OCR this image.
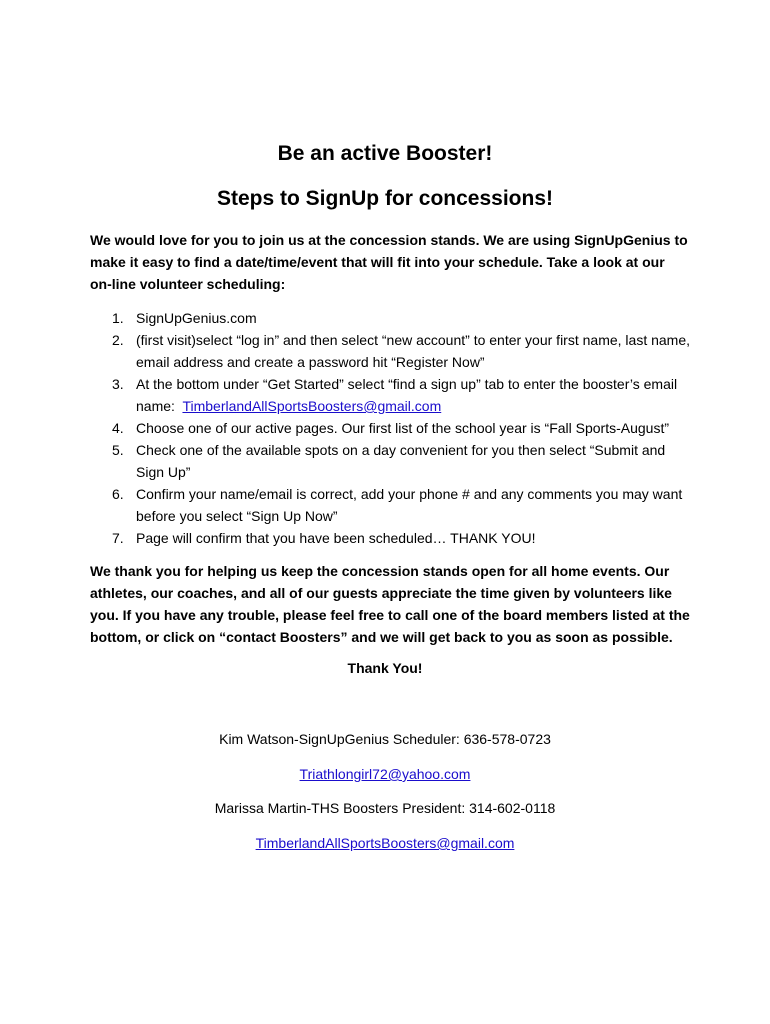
Be an active Booster!
Steps to SignUp for concessions!

We would love for you to join us at the concession stands. We are using SignUpGenius to make it easy to find a date/time/event that will fit into your schedule. Take a look at our on-line volunteer scheduling:

1. SignUpGenius.com
2. (first visit)select “log in” and then select “new account” to enter your first name, last name, email address and create a password hit “Register Now”
3. At the bottom under “Get Started” select “find a sign up” tab to enter the booster’s email name: TimberlandAllSportsBoosters@gmail.com
4. Choose one of our active pages. Our first list of the school year is “Fall Sports-August”
5. Check one of the available spots on a day convenient for you then select “Submit and Sign Up”
6. Confirm your name/email is correct, add your phone # and any comments you may want before you select “Sign Up Now”
7. Page will confirm that you have been scheduled… THANK YOU!

We thank you for helping us keep the concession stands open for all home events. Our athletes, our coaches, and all of our guests appreciate the time given by volunteers like you. If you have any trouble, please feel free to call one of the board members listed at the bottom, or click on “contact Boosters” and we will get back to you as soon as possible.

Thank You!

Kim Watson-SignUpGenius Scheduler: 636-578-0723

Triathlongirl72@yahoo.com

Marissa Martin-THS Boosters President: 314-602-0118

TimberlandAllSportsBoosters@gmail.com
